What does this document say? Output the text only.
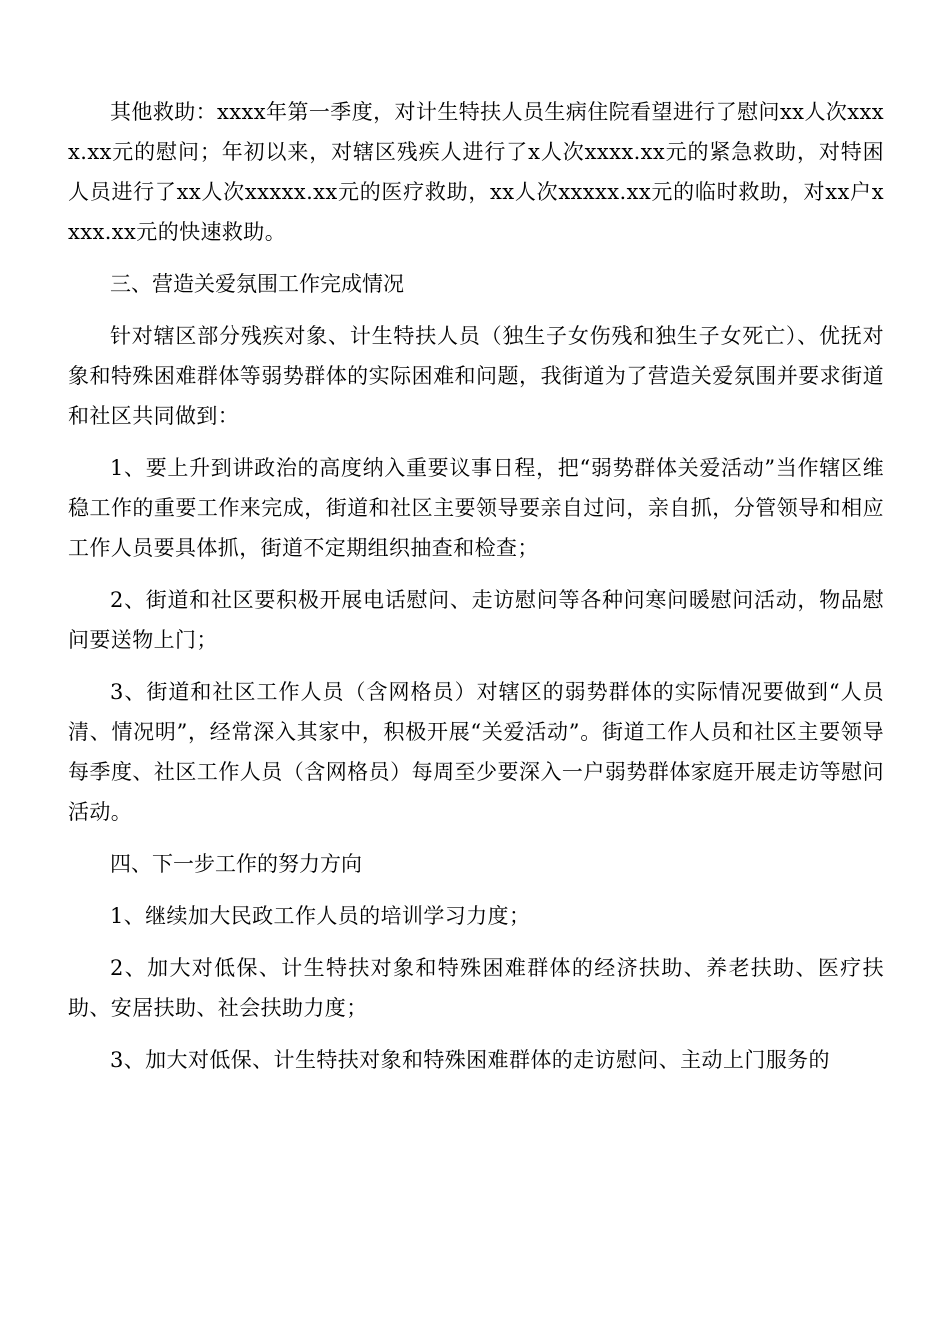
其他救助：xxxx年第一季度，对计生特扶人员生病住院看望进行了慰问xx人次xxxx.xx元的慰问；年初以来，对辖区残疾人进行了x人次xxxx.xx元的紧急救助，对特困人员进行了xx人次xxxxx.xx元的医疗救助，xx人次xxxxx.xx元的临时救助，对xx户xxxx.xx元的快速救助。

三、营造关爱氛围工作完成情况

针对辖区部分残疾对象、计生特扶人员（独生子女伤残和独生子女死亡）、优抚对象和特殊困难群体等弱势群体的实际困难和问题，我街道为了营造关爱氛围并要求街道和社区共同做到：

1、要上升到讲政治的高度纳入重要议事日程，把“弱势群体关爱活动”当作辖区维稳工作的重要工作来完成，街道和社区主要领导要亲自过问，亲自抓，分管领导和相应工作人员要具体抓，街道不定期组织抽查和检查；

2、街道和社区要积极开展电话慰问、走访慰问等各种问寒问暖慰问活动，物品慰问要送物上门；

3、街道和社区工作人员（含网格员）对辖区的弱势群体的实际情况要做到“人员清、情况明”，经常深入其家中，积极开展“关爱活动”。街道工作人员和社区主要领导每季度、社区工作人员（含网格员）每周至少要深入一户弱势群体家庭开展走访等慰问活动。

四、下一步工作的努力方向

1、继续加大民政工作人员的培训学习力度；

2、加大对低保、计生特扶对象和特殊困难群体的经济扶助、养老扶助、医疗扶助、安居扶助、社会扶助力度；

3、加大对低保、计生特扶对象和特殊困难群体的走访慰问、主动上门服务的
